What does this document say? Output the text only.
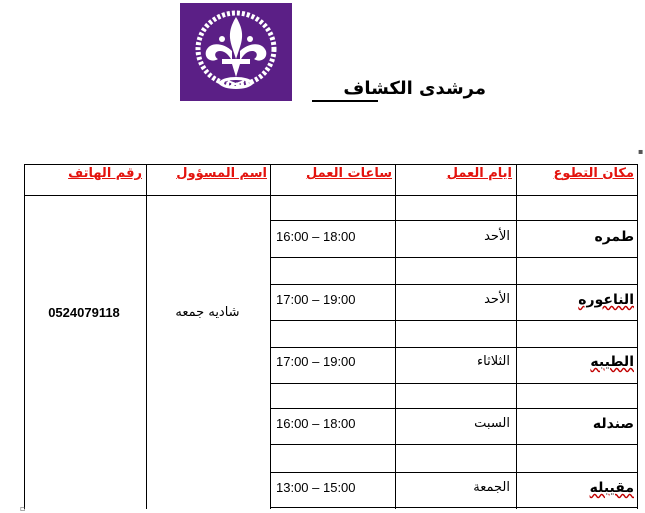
مرشدى الكشاف
▪
▫
مكان التطوع
ايام العمل
ساعات العمل
اسم المسؤول
رقم الهاتف
طمره
الأحد
16:00 – 18:00
الناعوره
الأحد
17:00 – 19:00
الطيبه
الثلاثاء
17:00 – 19:00
صندله
السبت
16:00 – 18:00
مقيبله
الجمعة
13:00 – 15:00
شاديه جمعه
0524079118
